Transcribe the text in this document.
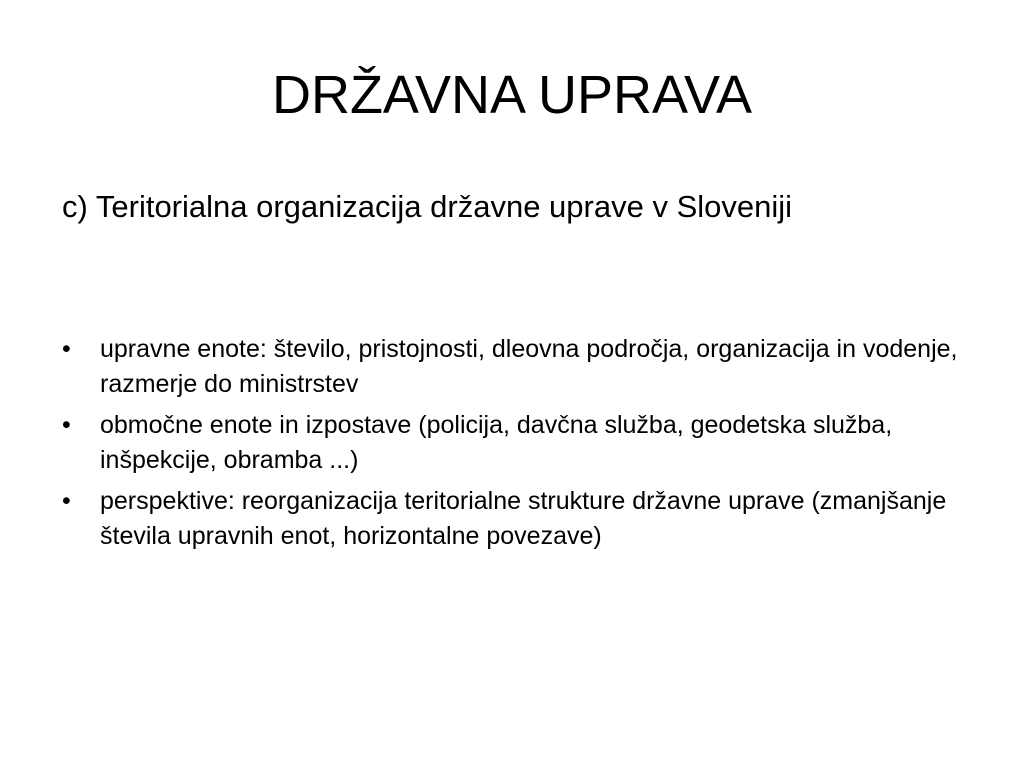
DRŽAVNA UPRAVA
c) Teritorialna organizacija državne uprave v Sloveniji
• upravne enote: število, pristojnosti, dleovna področja, organizacija in vodenje, razmerje do ministrstev
• območne enote in izpostave (policija, davčna služba, geodetska služba, inšpekcije, obramba ...)
• perspektive: reorganizacija teritorialne strukture državne uprave (zmanjšanje števila upravnih enot, horizontalne povezave)
